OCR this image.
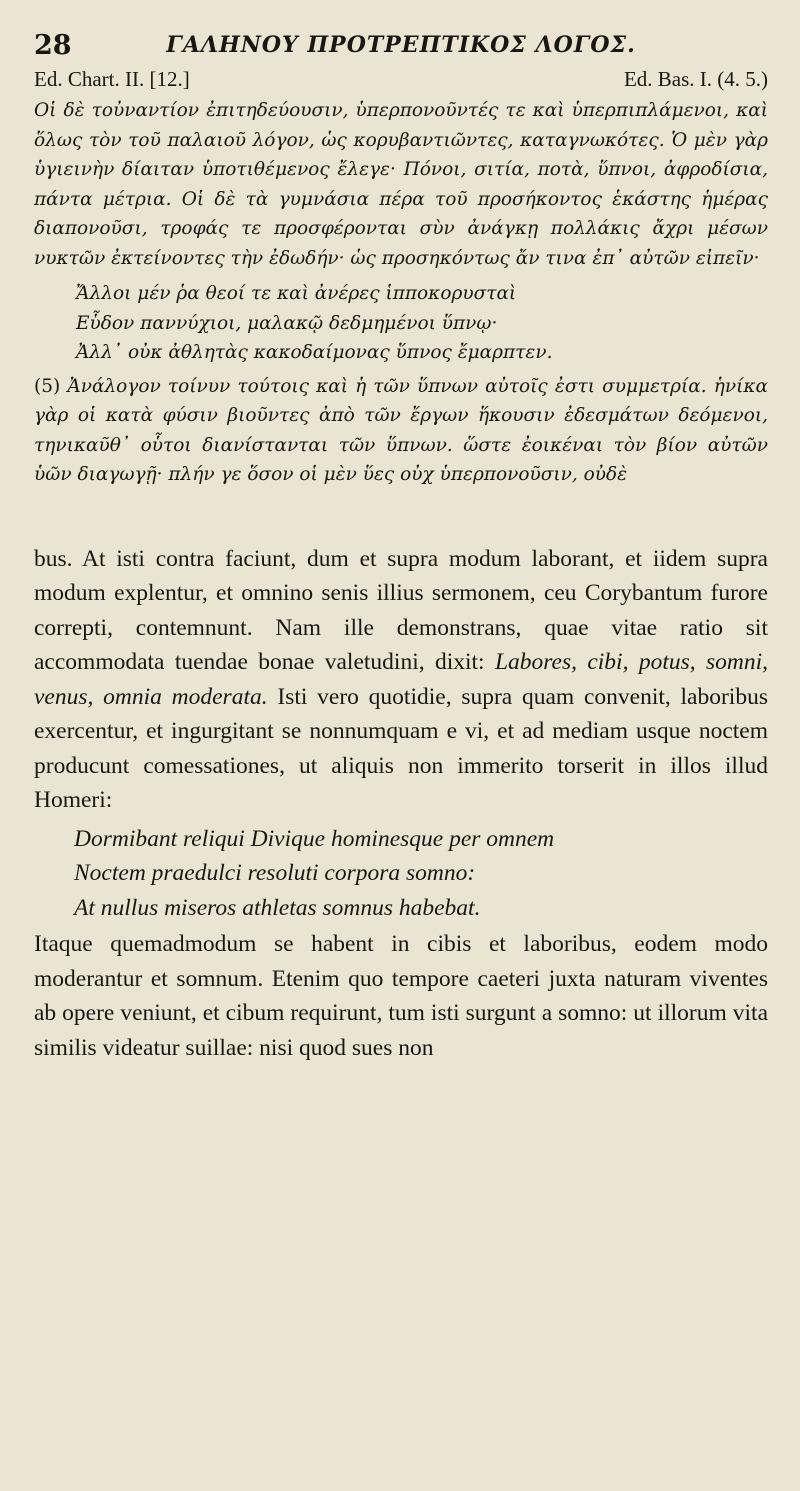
28	ΓΑΛΗΝΟΥ ΠΡΟΤΡΕΠΤΙΚΟΣ ΛΟΓΟΣ.
Ed. Chart. II. [12.]	Ed. Bas. I. (4. 5.)

Οἱ δὲ τοὐναντίον ἐπιτηδεύουσιν, ὑπερπονοῦντές τε καὶ ὑπερπιπλάμενοι, καὶ ὅλως τὸν τοῦ παλαιοῦ λόγον, ὡς κορυβαντιῶντες, καταγνωκότες. Ὁ μὲν γὰρ ὑγιεινὴν δίαιταν ὑποτιθέμενος ἔλεγε· Πόνοι, σιτία, ποτὰ, ὕπνοι, ἀφροδίσια, πάντα μέτρια. Οἱ δὲ τὰ γυμνάσια πέρα τοῦ προσήκοντος ἑκάστης ἡμέρας διαπονοῦσι, τροφάς τε προσφέρονται σὺν ἀνάγκῃ πολλάκις ἄχρι μέσων νυκτῶν ἐκτείνοντες τὴν ἐδωδήν· ὡς προσηκόντως ἄν τινα ἐπ᾽ αὐτῶν εἰπεῖν·

Ἄλλοι μέν ῥα θεοί τε καὶ ἀνέρες ἱπποκορυσταὶ
Εὗδον παννύχιοι, μαλακῷ δεδμημένοι ὕπνῳ·
Ἀλλ᾽ οὐκ ἀθλητὰς κακοδαίμονας ὕπνος ἔμαρπτεν.

(5) Ἀνάλογον τοίνυν τούτοις καὶ ἡ τῶν ὕπνων αὐτοῖς ἐστι συμμετρία. ἡνίκα γὰρ οἱ κατὰ φύσιν βιοῦντες ἀπὸ τῶν ἔργων ἥκουσιν ἐδεσμάτων δεόμενοι, τηνικαῦθ᾽ οὗτοι διανίστανται τῶν ὕπνων. ὥστε ἐοικέναι τὸν βίον αὐτῶν ὑῶν διαγωγῇ· πλήν γε ὅσον οἱ μὲν ὕες οὐχ ὑπερπονοῦσιν, οὐδὲ

bus. At isti contra faciunt, dum et supra modum laborant, et iidem supra modum explentur, et omnino senis illius sermonem, ceu Corybantum furore correpti, contemnunt. Nam ille demonstrans, quae vitae ratio sit accommodata tuendae bonae valetudini, dixit: Labores, cibi, potus, somni, venus, omnia moderata. Isti vero quotidie, supra quam convenit, laboribus exercentur, et ingurgitant se nonnumquam e vi, et ad mediam usque noctem producunt comessationes, ut aliquis non immerito torserit in illos illud Homeri:

Dormibant reliqui Divique hominesque per omnem
Noctem praedulci resoluti corpora somno:
At nullus miseros athletas somnus habebat.

Itaque quemadmodum se habent in cibis et laboribus, eodem modo moderantur et somnum. Etenim quo tempore caeteri juxta naturam viventes ab opere veniunt, et cibum requirunt, tum isti surgunt a somno: ut illorum vita similis videatur suillae: nisi quod sues non
